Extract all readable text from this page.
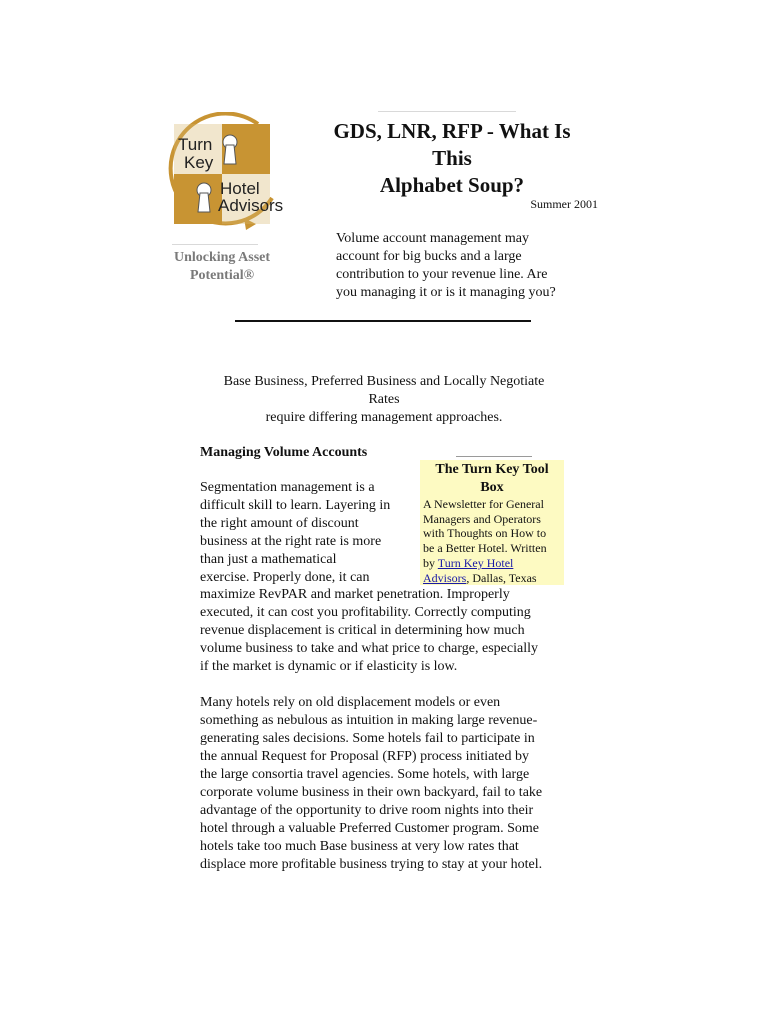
Turn
Key
Hotel
Advisors
Unlocking Asset
Potential®
GDS, LNR, RFP - What Is
This
Alphabet Soup?
Summer 2001
Volume account management may
account for big bucks and a large
contribution to your revenue line. Are
you managing it or is it managing you?
Base Business, Preferred Business and Locally Negotiate
Rates
require differing management approaches.
Managing Volume Accounts
The Turn Key Tool
Box
A Newsletter for General
Managers and Operators
with Thoughts on How to
be a Better Hotel. Written
by Turn Key Hotel
Advisors, Dallas, Texas
Segmentation management is a
difficult skill to learn. Layering in
the right amount of discount
business at the right rate is more
than just a mathematical
exercise. Properly done, it can
maximize RevPAR and market penetration. Improperly
executed, it can cost you profitability. Correctly computing
revenue displacement is critical in determining how much
volume business to take and what price to charge, especially
if the market is dynamic or if elasticity is low.
Many hotels rely on old displacement models or even
something as nebulous as intuition in making large revenue-
generating sales decisions. Some hotels fail to participate in
the annual Request for Proposal (RFP) process initiated by
the large consortia travel agencies. Some hotels, with large
corporate volume business in their own backyard, fail to take
advantage of the opportunity to drive room nights into their
hotel through a valuable Preferred Customer program. Some
hotels take too much Base business at very low rates that
displace more profitable business trying to stay at your hotel.
